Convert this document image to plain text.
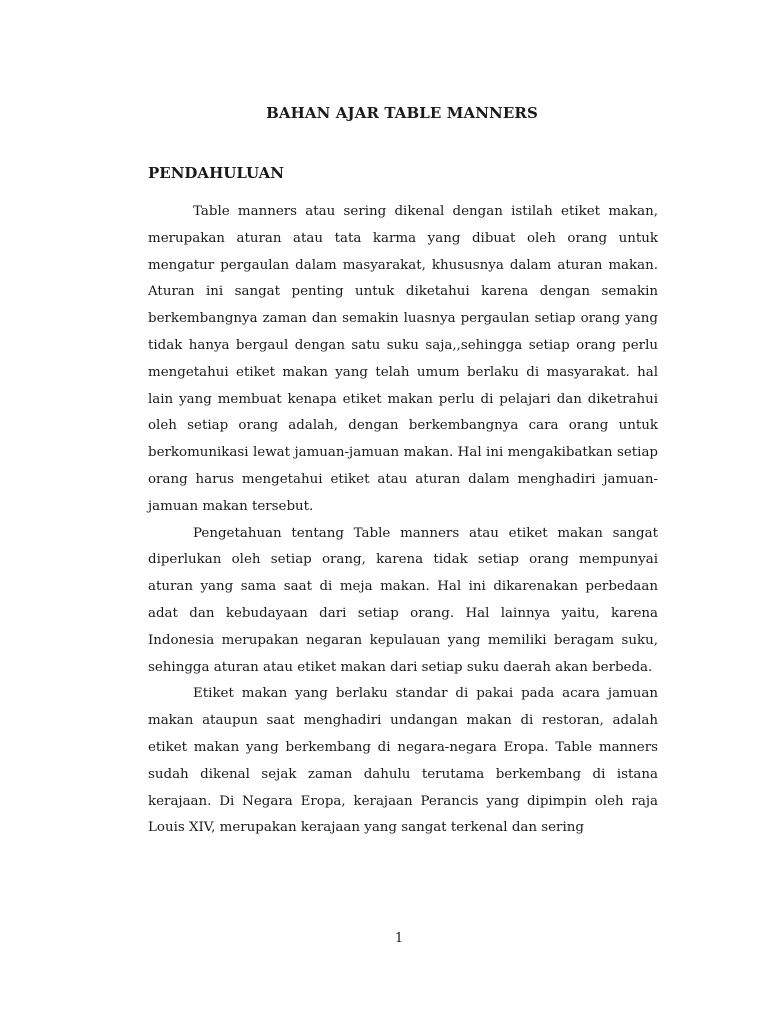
BAHAN AJAR TABLE MANNERS
PENDAHULUAN

Table manners atau sering dikenal dengan istilah etiket makan, merupakan aturan atau tata karma yang dibuat oleh orang untuk mengatur pergaulan dalam masyarakat, khususnya dalam aturan makan. Aturan ini sangat penting untuk diketahui karena dengan semakin berkembangnya zaman dan semakin luasnya pergaulan setiap orang yang tidak hanya bergaul dengan satu suku saja,,sehingga setiap orang perlu mengetahui etiket makan yang telah umum berlaku di masyarakat. hal lain yang membuat kenapa etiket makan perlu di pelajari dan diketrahui oleh setiap orang adalah, dengan berkembangnya cara orang untuk berkomunikasi lewat jamuan-jamuan makan. Hal ini mengakibatkan setiap orang harus mengetahui etiket atau aturan dalam menghadiri jamuan-jamuan makan tersebut.

Pengetahuan tentang Table manners atau etiket makan sangat diperlukan oleh setiap orang, karena tidak setiap orang mempunyai aturan yang sama saat di meja makan. Hal ini dikarenakan perbedaan adat dan kebudayaan dari setiap orang. Hal lainnya yaitu, karena Indonesia merupakan negaran kepulauan yang memiliki beragam suku, sehingga aturan atau etiket makan dari setiap suku daerah akan berbeda.

Etiket makan yang berlaku standar di pakai pada acara jamuan makan ataupun saat menghadiri undangan makan di restoran, adalah etiket makan yang berkembang di negara-negara Eropa. Table manners sudah dikenal sejak zaman dahulu terutama berkembang di istana kerajaan. Di Negara Eropa, kerajaan Perancis yang dipimpin oleh raja Louis XIV, merupakan kerajaan yang sangat terkenal dan sering

1
